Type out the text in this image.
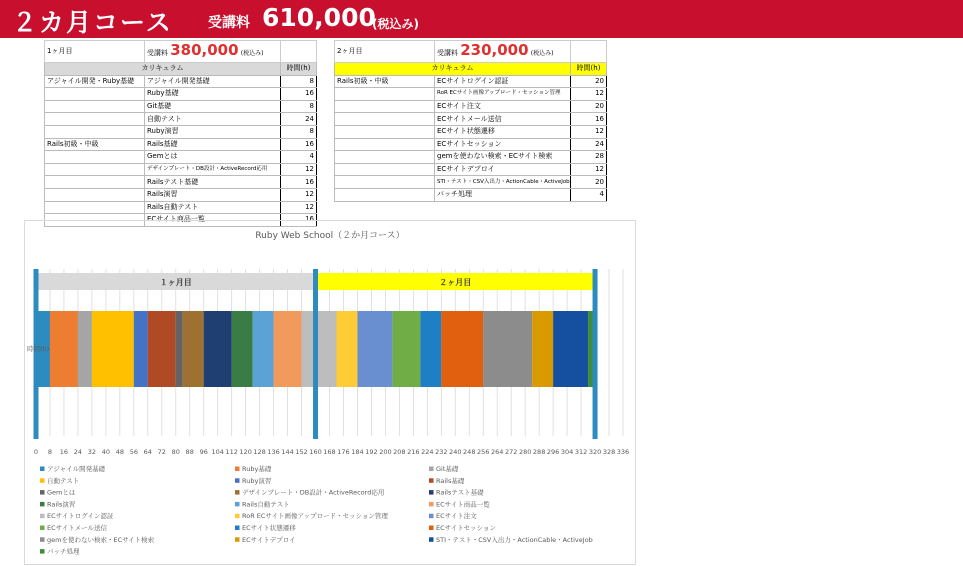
２カ月コース	受講料 610,000
(税込み)
1ヶ月目	受講料 380,000 (税込み)	
カリキュラム		時間(h)
アジャイル開発・Ruby基礎	アジャイル開発基礎	8
	Ruby基礎	16
	Git基礎	8
	自動テスト	24
	Ruby演習	8
Rails初級・中級	Rails基礎	16
	Gemとは	4
	デザインプレート・DB設計・ActiveRecord応用	12
	Railsテスト基礎	16
	Rails演習	12
	Rails自動テスト	12
	ECサイト商品一覧	16
2ヶ月目	受講料 230,000 (税込み)	
カリキュラム		時間(h)
Rails初級・中級	ECサイトログイン認証	20
	RoR ECサイト画像アップロード・セッション管理	12
	ECサイト注文	20
	ECサイトメール送信	16
	ECサイト状態遷移	12
	ECサイトセッション	24
	gemを使わない検索・ECサイト検索	28
	ECサイトデプロイ	12
	STI・テスト・CSV入出力・ActionCable・ActiveJob	20
	バッチ処理	4
Ruby Web School（２か月コース）
0 8 16 24 32 40 48 56 64 72 80 88 96 104 112 120 128 136 144 152 160 168 176 184 192 200 208 216 224 232 240 248 256 264 272 280 288 296 304 312 320 328 336
１ヶ月目	２ヶ月目
時間(h)
アジャイル開発基礎	Ruby基礎	Git基礎
自動テスト	Ruby演習	Rails基礎
Gemとは	デザインプレート・DB設計・ActiveRecord応用	Railsテスト基礎
Rails演習	Rails自動テスト	ECサイト商品一覧
ECサイトログイン認証	RoR ECサイト画像アップロード・セッション管理	ECサイト注文
ECサイトメール送信	ECサイト状態遷移	ECサイトセッション
gemを使わない検索・ECサイト検索	ECサイトデプロイ	STI・テスト・CSV入出力・ActionCable・ActiveJob
バッチ処理
